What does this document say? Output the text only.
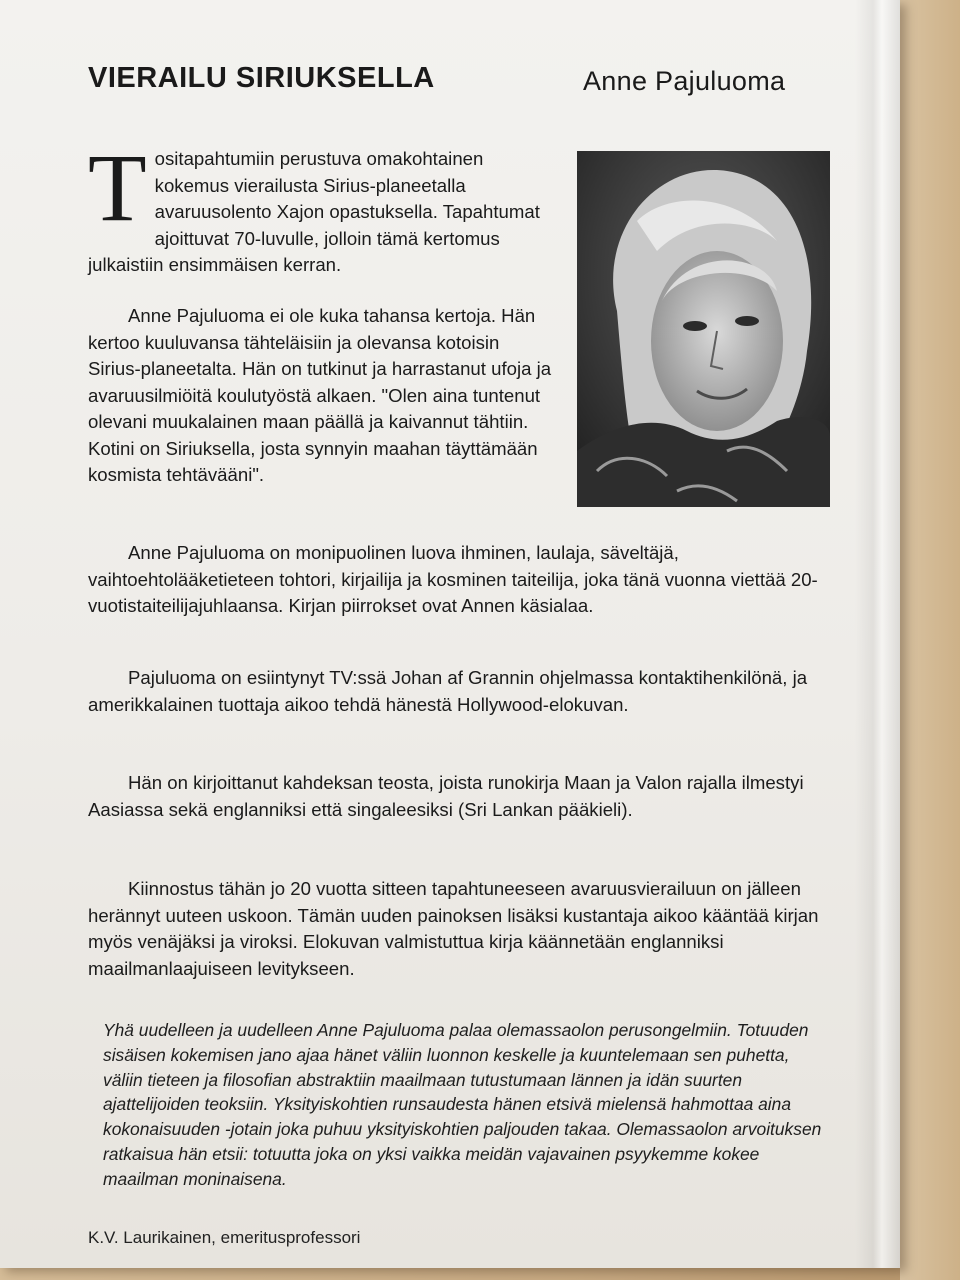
VIERAILU SIRIUKSELLA	Anne Pajuluoma

Tositapahtumiin perustuva omakohtainen kokemus vierailusta Sirius-planeetalla avaruusolento Xajon opastuksella. Tapahtumat ajoittuvat 70-luvulle, jolloin tämä kertomus julkaistiin ensimmäisen kerran.

Anne Pajuluoma ei ole kuka tahansa kertoja. Hän kertoo kuuluvansa tähteläisiin ja olevansa kotoisin Sirius-planeetalta. Hän on tutkinut ja harrastanut ufoja ja avaruusilmiöitä koulutyöstä alkaen. "Olen aina tuntenut olevani muukalainen maan päällä ja kaivannut tähtiin. Kotini on Siriuksella, josta synnyin maahan täyttämään kosmista tehtävääni".

Anne Pajuluoma on monipuolinen luova ihminen, laulaja, säveltäjä, vaihtoehtolääketieteen tohtori, kirjailija ja kosminen taiteilija, joka tänä vuonna viettää 20-vuotistaiteilijajuhlaansa. Kirjan piirrokset ovat Annen käsialaa.

Pajuluoma on esiintynyt TV:ssä Johan af Grannin ohjelmassa kontaktihenkilönä, ja amerikkalainen tuottaja aikoo tehdä hänestä Hollywood-elokuvan.

Hän on kirjoittanut kahdeksan teosta, joista runokirja Maan ja Valon rajalla ilmestyi Aasiassa sekä englanniksi että singaleesiksi (Sri Lankan pääkieli).

Kiinnostus tähän jo 20 vuotta sitteen tapahtuneeseen avaruusvierailuun on jälleen herännyt uuteen uskoon. Tämän uuden painoksen lisäksi kustantaja aikoo kääntää kirjan myös venäjäksi ja viroksi. Elokuvan valmistuttua kirja käännetään englanniksi maailmanlaajuiseen levitykseen.

Yhä uudelleen ja uudelleen Anne Pajuluoma palaa olemassaolon perusongelmiin. Totuuden sisäisen kokemisen jano ajaa hänet väliin luonnon keskelle ja kuuntelemaan sen puhetta, väliin tieteen ja filosofian abstraktiin maailmaan tutustumaan lännen ja idän suurten ajattelijoiden teoksiin. Yksityiskohtien runsaudesta hänen etsivä mielensä hahmottaa aina kokonaisuuden -jotain joka puhuu yksityiskohtien paljouden takaa. Olemassaolon arvoituksen ratkaisua hän etsii: totuutta joka on yksi vaikka meidän vajavainen psyykemme kokee maailman moninaisena.

K.V. Laurikainen, emeritusprofessori
